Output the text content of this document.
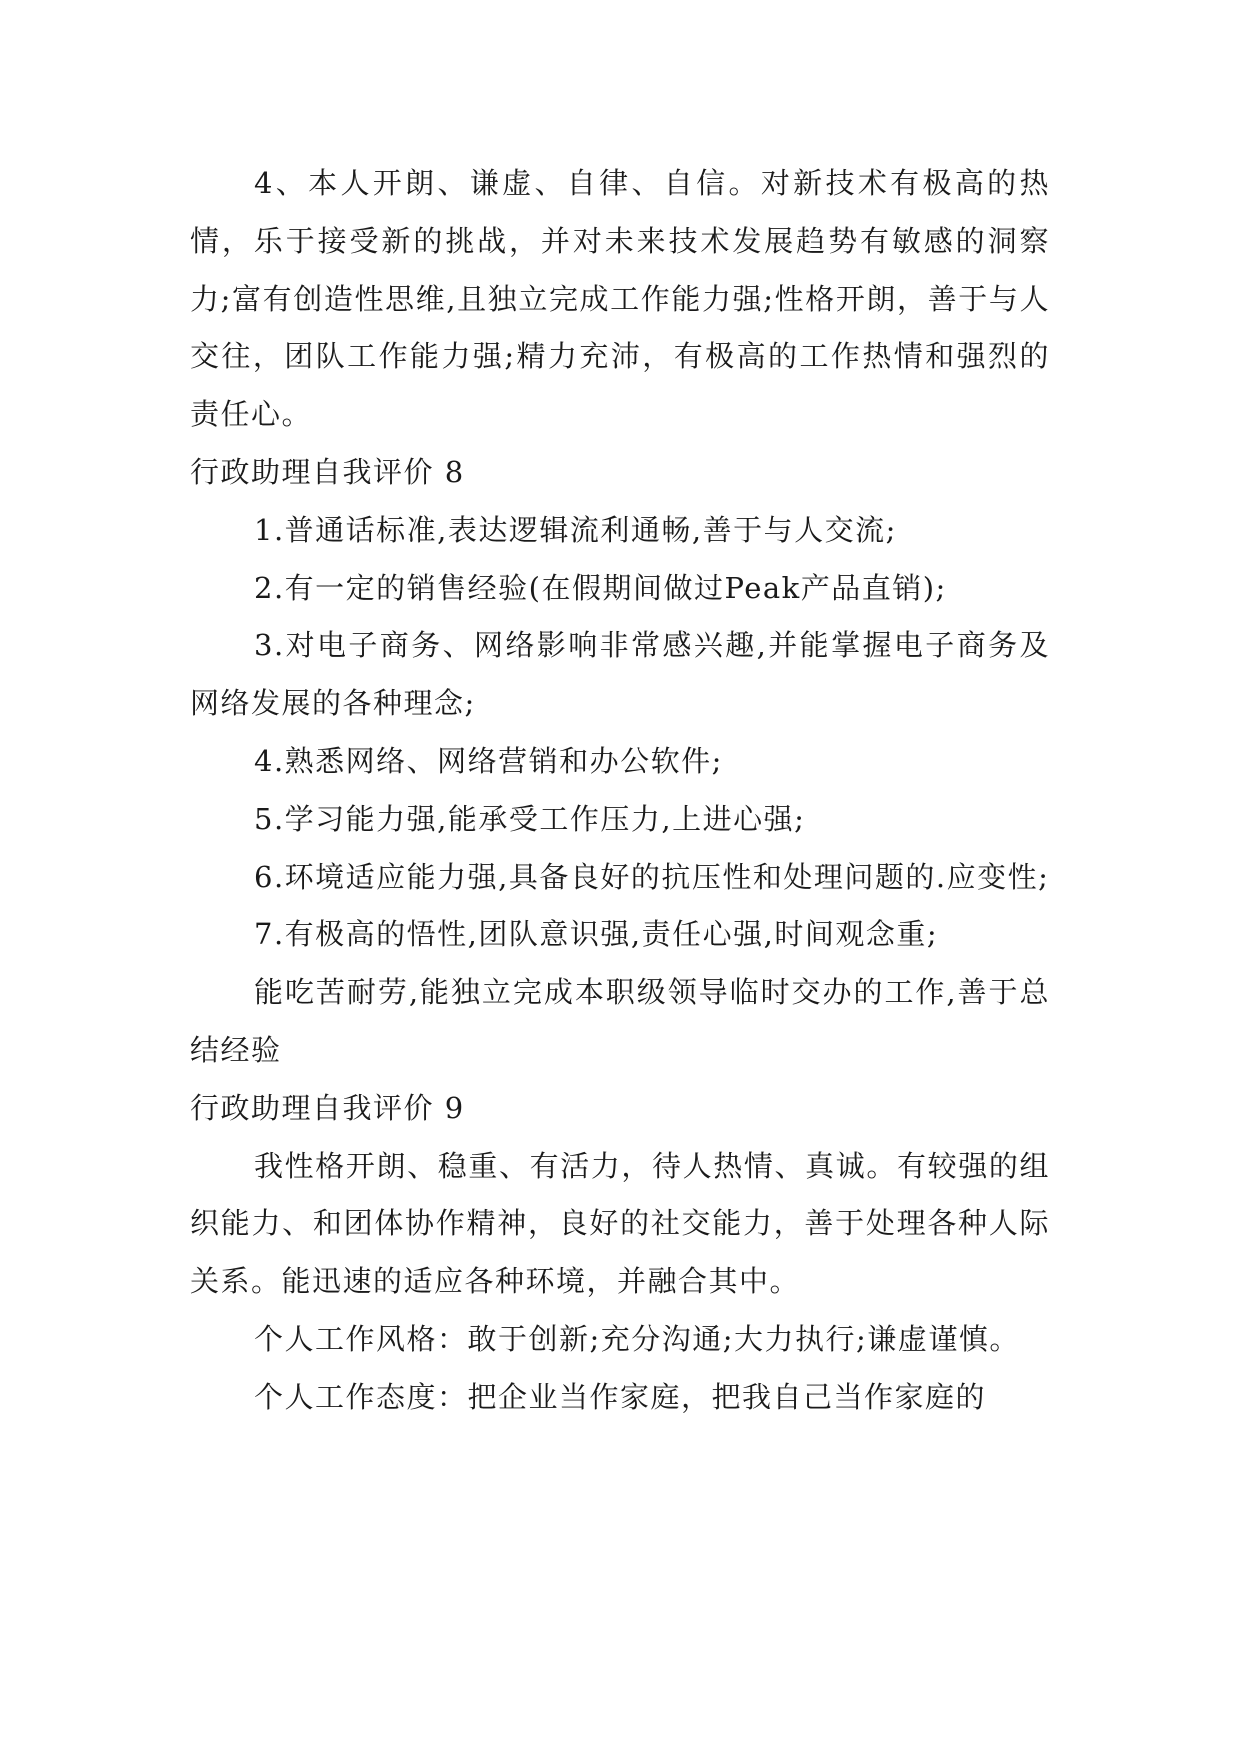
4、本人开朗、谦虚、自律、自信。对新技术有极高的热情，乐于接受新的挑战，并对未来技术发展趋势有敏感的洞察力;富有创造性思维,且独立完成工作能力强;性格开朗，善于与人交往，团队工作能力强;精力充沛，有极高的工作热情和强烈的责任心。

行政助理自我评价 8

1.普通话标准,表达逻辑流利通畅,善于与人交流;

2.有一定的销售经验(在假期间做过Peak产品直销);

3.对电子商务、网络影响非常感兴趣,并能掌握电子商务及网络发展的各种理念;

4.熟悉网络、网络营销和办公软件;

5.学习能力强,能承受工作压力,上进心强;

6.环境适应能力强,具备良好的抗压性和处理问题的.应变性;

7.有极高的悟性,团队意识强,责任心强,时间观念重;

能吃苦耐劳,能独立完成本职级领导临时交办的工作,善于总结经验

行政助理自我评价 9

我性格开朗、稳重、有活力，待人热情、真诚。有较强的组织能力、和团体协作精神，良好的社交能力，善于处理各种人际关系。能迅速的适应各种环境，并融合其中。

个人工作风格：敢于创新;充分沟通;大力执行;谦虚谨慎。

个人工作态度：把企业当作家庭，把我自己当作家庭的
